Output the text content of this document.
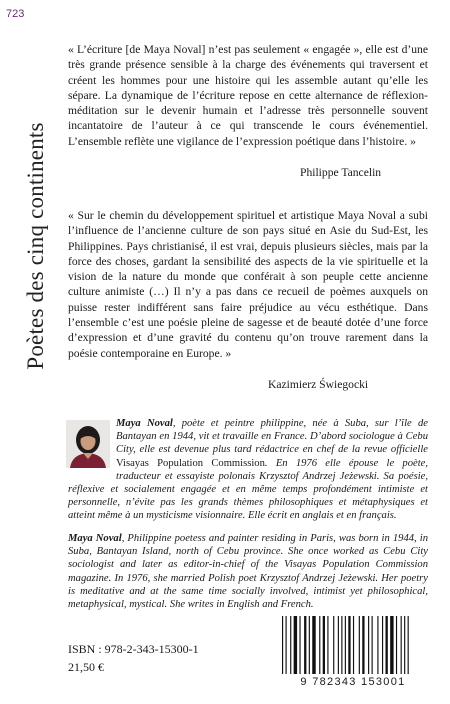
723
Poètes des cinq continents

« L’écriture [de Maya Noval] n’est pas seulement « engagée », elle est d’une très grande présence sensible à la charge des événements qui traversent et créent les hommes pour une histoire qui les assemble autant qu’elle les sépare. La dynamique de l’écriture repose en cette alternance de réflexion-méditation sur le devenir humain et l’adresse très personnelle souvent incantatoire de l’auteur à ce qui transcende le cours événementiel. L’ensemble reflète une vigilance de l’expression poétique dans l’histoire. »

Philippe Tancelin

« Sur le chemin du développement spirituel et artistique Maya Noval a subi l’influence de l’ancienne culture de son pays situé en Asie du Sud-Est, les Philippines. Pays christianisé, il est vrai, depuis plusieurs siècles, mais par la force des choses, gardant la sensibilité des aspects de la vie spirituelle et la vision de la nature du monde que conférait à son peuple cette ancienne culture animiste (…) Il n’y a pas dans ce recueil de poèmes auxquels on puisse rester indifférent sans faire préjudice au vécu esthétique. Dans l’ensemble c’est une poésie pleine de sagesse et de beauté dotée d’une force d’expression et d’une gravité du contenu qu’on trouve rarement dans la poésie contemporaine en Europe. »

Kazimierz Świegocki
Maya Noval, poète et peintre philippine, née à Suba, sur l’île de Bantayan en 1944, vit et travaille en France. D’abord sociologue à Cebu City, elle est devenue plus tard rédactrice en chef de la revue officielle Visayas Population Commission. En 1976 elle épouse le poète, traducteur et essayiste polonais Krzysztof Andrzej Jeżewski. Sa poésie, réflexive et socialement engagée et en même temps profondément intimiste et personnelle, n’évite pas les grands thèmes philosophiques et métaphysiques et atteint même à un mysticisme visionnaire. Elle écrit en anglais et en français.
Maya Noval, Philippine poetess and painter residing in Paris, was born in 1944, in Suba, Bantayan Island, north of Cebu province. She once worked as Cebu City sociologist and later as editor-in-chief of the Visayas Population Commission magazine. In 1976, she married Polish poet Krzysztof Andrzej Jeżewski. Her poetry is meditative and at the same time socially involved, intimist yet philosophical, metaphysical, mystical. She writes in English and French.
ISBN : 978-2-343-15300-1
21,50 €
9 782343 153001
